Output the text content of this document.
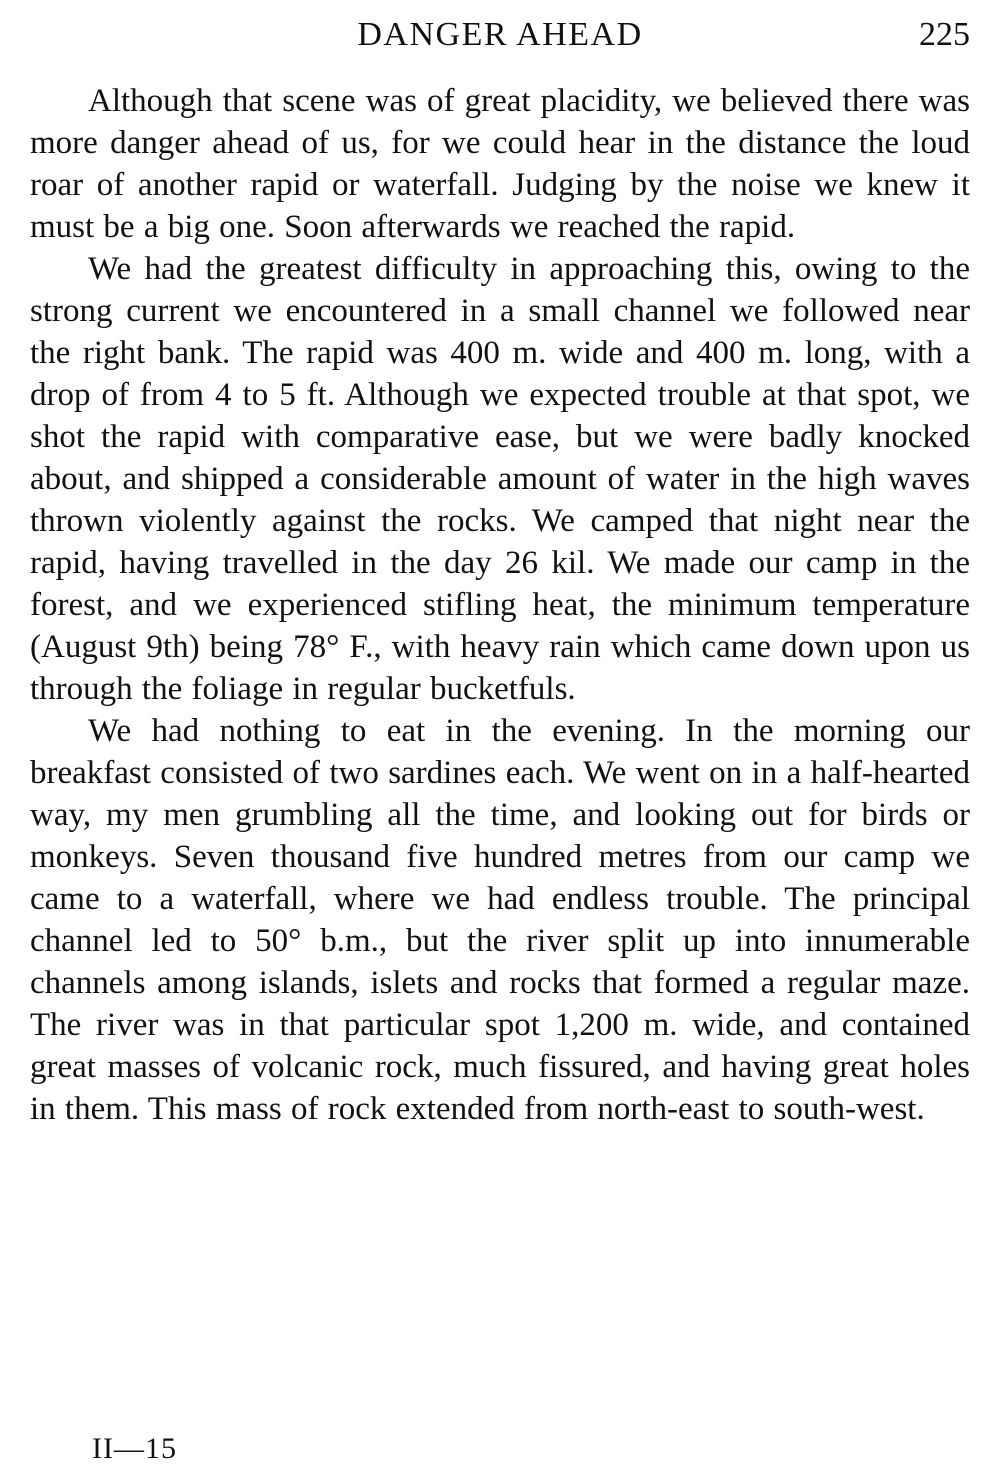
DANGER AHEAD	225

Although that scene was of great placidity, we believed there was more danger ahead of us, for we could hear in the distance the loud roar of another rapid or waterfall. Judging by the noise we knew it must be a big one. Soon afterwards we reached the rapid.

We had the greatest difficulty in approaching this, owing to the strong current we encountered in a small channel we followed near the right bank. The rapid was 400 m. wide and 400 m. long, with a drop of from 4 to 5 ft. Although we expected trouble at that spot, we shot the rapid with comparative ease, but we were badly knocked about, and shipped a considerable amount of water in the high waves thrown violently against the rocks. We camped that night near the rapid, having travelled in the day 26 kil. We made our camp in the forest, and we experienced stifling heat, the minimum temperature (August 9th) being 78° F., with heavy rain which came down upon us through the foliage in regular bucketfuls.

We had nothing to eat in the evening. In the morning our breakfast consisted of two sardines each. We went on in a half-hearted way, my men grumbling all the time, and looking out for birds or monkeys. Seven thousand five hundred metres from our camp we came to a waterfall, where we had endless trouble. The principal channel led to 50° b.m., but the river split up into innumerable channels among islands, islets and rocks that formed a regular maze. The river was in that particular spot 1,200 m. wide, and contained great masses of volcanic rock, much fissured, and having great holes in them. This mass of rock extended from north-east to south-west.

II—15
